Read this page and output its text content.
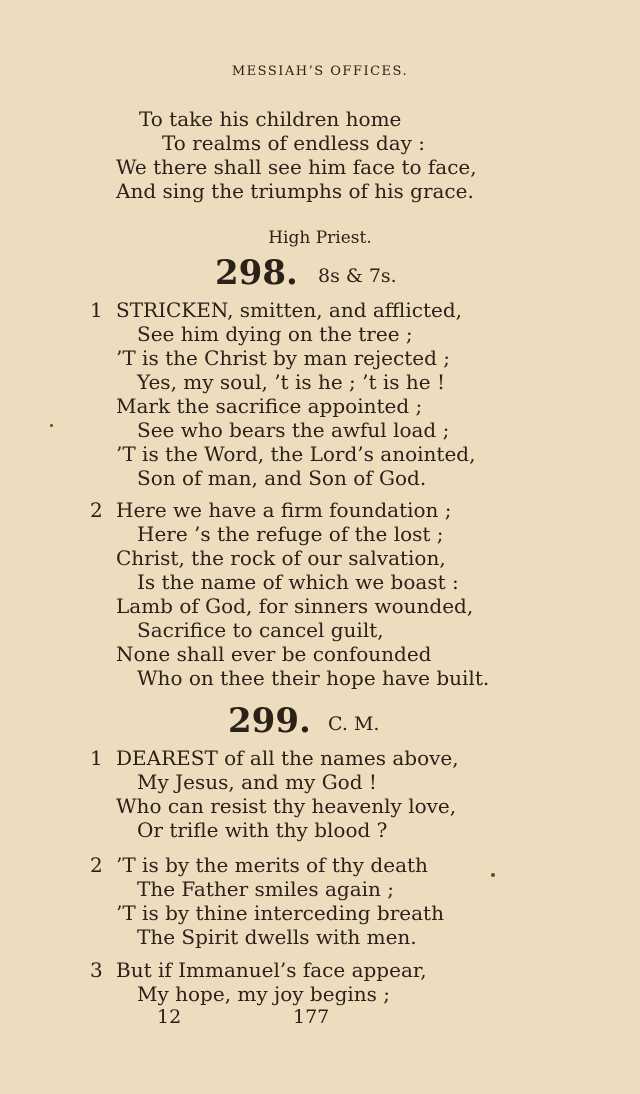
MESSIAH’S OFFICES.
To take his children home
To realms of endless day :
We there shall see him face to face,
And sing the triumphs of his grace.
High Priest.
298. 8s & 7s.
1 STRICKEN, smitten, and afflicted,
See him dying on the tree ;
’T is the Christ by man rejected ;
Yes, my soul, ’t is he ; ’t is he !
Mark the sacrifice appointed ;
See who bears the awful load ;
’T is the Word, the Lord’s anointed,
Son of man, and Son of God.
2 Here we have a firm foundation ;
Here ’s the refuge of the lost ;
Christ, the rock of our salvation,
Is the name of which we boast :
Lamb of God, for sinners wounded,
Sacrifice to cancel guilt,
None shall ever be confounded
Who on thee their hope have built.
299. C. M.
1 DEAREST of all the names above,
My Jesus, and my God !
Who can resist thy heavenly love,
Or trifle with thy blood ?
2 ’T is by the merits of thy death
The Father smiles again ;
’T is by thine interceding breath
The Spirit dwells with men.
3 But if Immanuel’s face appear,
My hope, my joy begins ;
12	177
